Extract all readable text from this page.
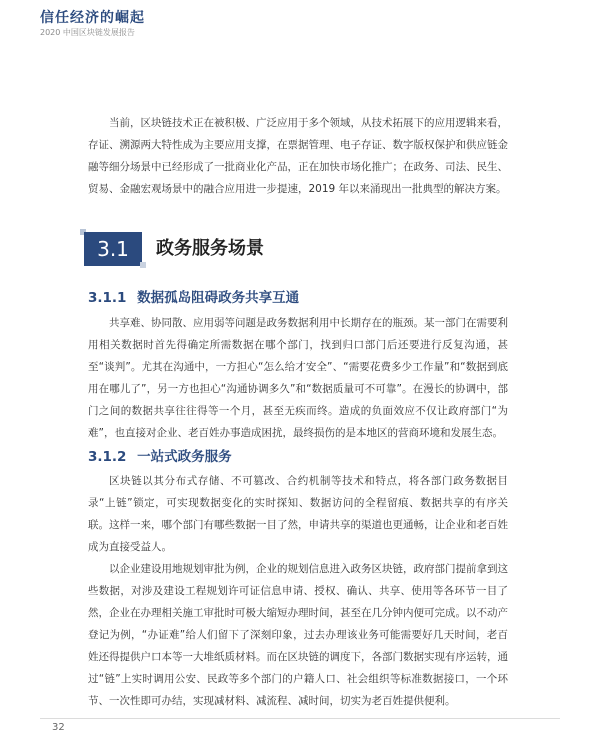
信任经济的崛起
2020 中国区块链发展报告

当前，区块链技术正在被积极、广泛应用于多个领域，从技术拓展下的应用逻辑来看，存证、溯源两大特性成为主要应用支撑，在票据管理、电子存证、数字版权保护和供应链金融等细分场景中已经形成了一批商业化产品，正在加快市场化推广；在政务、司法、民生、贸易、金融宏观场景中的融合应用进一步提速，2019 年以来涌现出一批典型的解决方案。

3.1	政务服务场景
3.1.1 数据孤岛阻碍政务共享互通

共享难、协同散、应用弱等问题是政务数据利用中长期存在的瓶颈。某一部门在需要利用相关数据时首先得确定所需数据在哪个部门，找到归口部门后还要进行反复沟通，甚至“谈判”。尤其在沟通中，一方担心“怎么给才安全”、“需要花费多少工作量”和“数据到底用在哪儿了”，另一方也担心“沟通协调多久”和“数据质量可不可靠”。在漫长的协调中，部门之间的数据共享往往得等一个月，甚至无疾而终。造成的负面效应不仅让政府部门“为难”，也直接对企业、老百姓办事造成困扰，最终损伤的是本地区的营商环境和发展生态。

3.1.2 一站式政务服务

区块链以其分布式存储、不可篡改、合约机制等技术和特点，将各部门政务数据目录“上链”锁定，可实现数据变化的实时探知、数据访问的全程留痕、数据共享的有序关联。这样一来，哪个部门有哪些数据一目了然，申请共享的渠道也更通畅，让企业和老百姓成为直接受益人。

以企业建设用地规划审批为例，企业的规划信息进入政务区块链，政府部门提前拿到这些数据，对涉及建设工程规划许可证信息申请、授权、确认、共享、使用等各环节一目了然，企业在办理相关施工审批时可极大缩短办理时间，甚至在几分钟内便可完成。以不动产登记为例，“办证难”给人们留下了深刻印象，过去办理该业务可能需要好几天时间，老百姓还得提供户口本等一大堆纸质材料。而在区块链的调度下，各部门数据实现有序运转，通过“链”上实时调用公安、民政等多个部门的户籍人口、社会组织等标准数据接口，一个环节、一次性即可办结，实现减材料、减流程、减时间，切实为老百姓提供便利。

32
